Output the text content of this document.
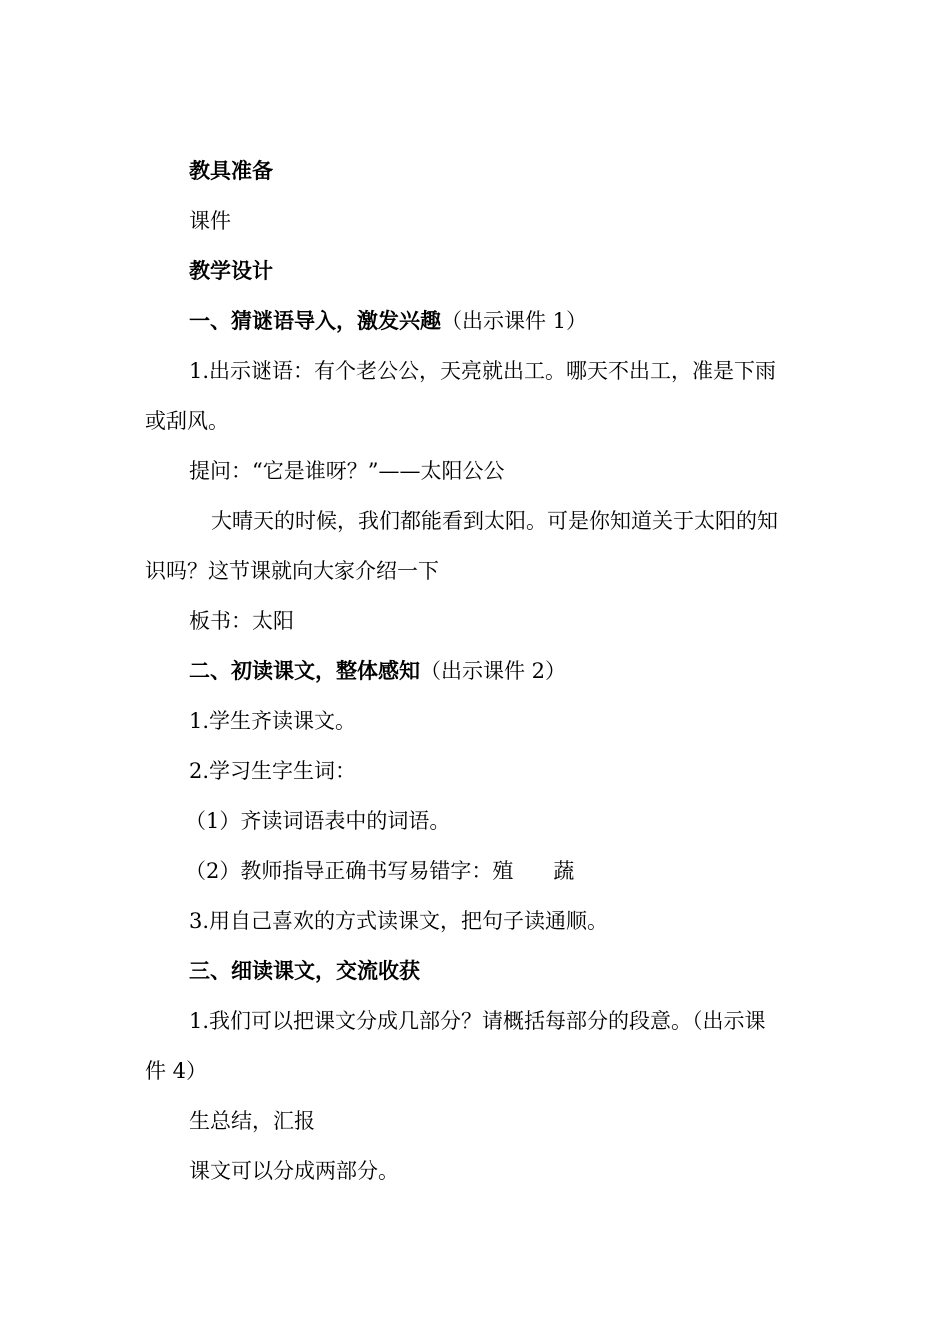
教具准备

课件

教学设计

一、猜谜语导入，激发兴趣（出示课件 1）

1.出示谜语：有个老公公，天亮就出工。哪天不出工，准是下雨

或刮风。

提问：“它是谁呀？”——太阳公公

大晴天的时候，我们都能看到太阳。可是你知道关于太阳的知

识吗？这节课就向大家介绍一下

板书：太阳

二、初读课文，整体感知（出示课件 2）

1.学生齐读课文。

2.学习生字生词：

（1）齐读词语表中的词语。

（2）教师指导正确书写易错字：殖 蔬

3.用自己喜欢的方式读课文，把句子读通顺。

三、细读课文，交流收获

1.我们可以把课文分成几部分？请概括每部分的段意。（出示课

件 4）

生总结，汇报

课文可以分成两部分。
